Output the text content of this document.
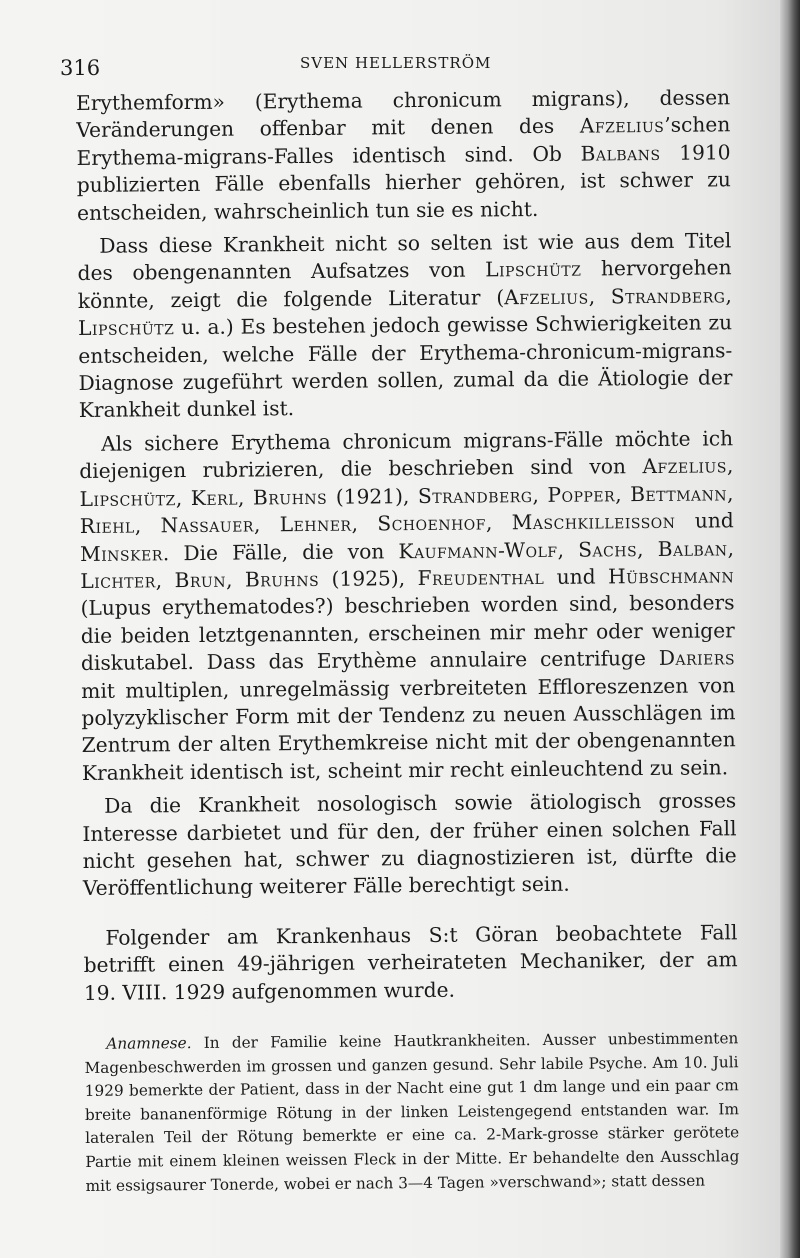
316	SVEN HELLERSTRÖM

Erythemform» (Erythema chronicum migrans), dessen Veränderungen offenbar mit denen des Afzelius’schen Erythema-migrans-Falles identisch sind. Ob Balbans 1910 publizierten Fälle ebenfalls hierher gehören, ist schwer zu entscheiden, wahrscheinlich tun sie es nicht.

Dass diese Krankheit nicht so selten ist wie aus dem Titel des obengenannten Aufsatzes von Lipschütz hervorgehen könnte, zeigt die folgende Literatur (Afzelius, Strandberg, Lipschütz u. a.) Es bestehen jedoch gewisse Schwierigkeiten zu entscheiden, welche Fälle der Erythema-chronicum-migrans-Diagnose zugeführt werden sollen, zumal da die Ätiologie der Krankheit dunkel ist.

Als sichere Erythema chronicum migrans-Fälle möchte ich diejenigen rubrizieren, die beschrieben sind von Afzelius, Lipschütz, Kerl, Bruhns (1921), Strandberg, Popper, Bettmann, Riehl, Nassauer, Lehner, Schoenhof, Maschkilleisson und Minsker. Die Fälle, die von Kaufmann-Wolf, Sachs, Balban, Lichter, Brun, Bruhns (1925), Freudenthal und Hübschmann (Lupus erythematodes?) beschrieben worden sind, besonders die beiden letztgenannten, erscheinen mir mehr oder weniger diskutabel. Dass das Erythème annulaire centrifuge Dariers mit multiplen, unregelmässig verbreiteten Effloreszenzen von polyzyklischer Form mit der Tendenz zu neuen Ausschlägen im Zentrum der alten Erythemkreise nicht mit der obengenannten Krankheit identisch ist, scheint mir recht einleuchtend zu sein.

Da die Krankheit nosologisch sowie ätiologisch grosses Interesse darbietet und für den, der früher einen solchen Fall nicht gesehen hat, schwer zu diagnostizieren ist, dürfte die Veröffentlichung weiterer Fälle berechtigt sein.

Folgender am Krankenhaus S:t Göran beobachtete Fall betrifft einen 49-jährigen verheirateten Mechaniker, der am 19. VIII. 1929 aufgenommen wurde.

Anamnese. In der Familie keine Hautkrankheiten. Ausser unbestimmenten Magenbeschwerden im grossen und ganzen gesund. Sehr labile Psyche. Am 10. Juli 1929 bemerkte der Patient, dass in der Nacht eine gut 1 dm lange und ein paar cm breite bananenförmige Rötung in der linken Leistengegend entstanden war. Im lateralen Teil der Rötung bemerkte er eine ca. 2-Mark-grosse stärker gerötete Partie mit einem kleinen weissen Fleck in der Mitte. Er behandelte den Ausschlag mit essigsaurer Tonerde, wobei er nach 3—4 Tagen »verschwand»; statt dessen
